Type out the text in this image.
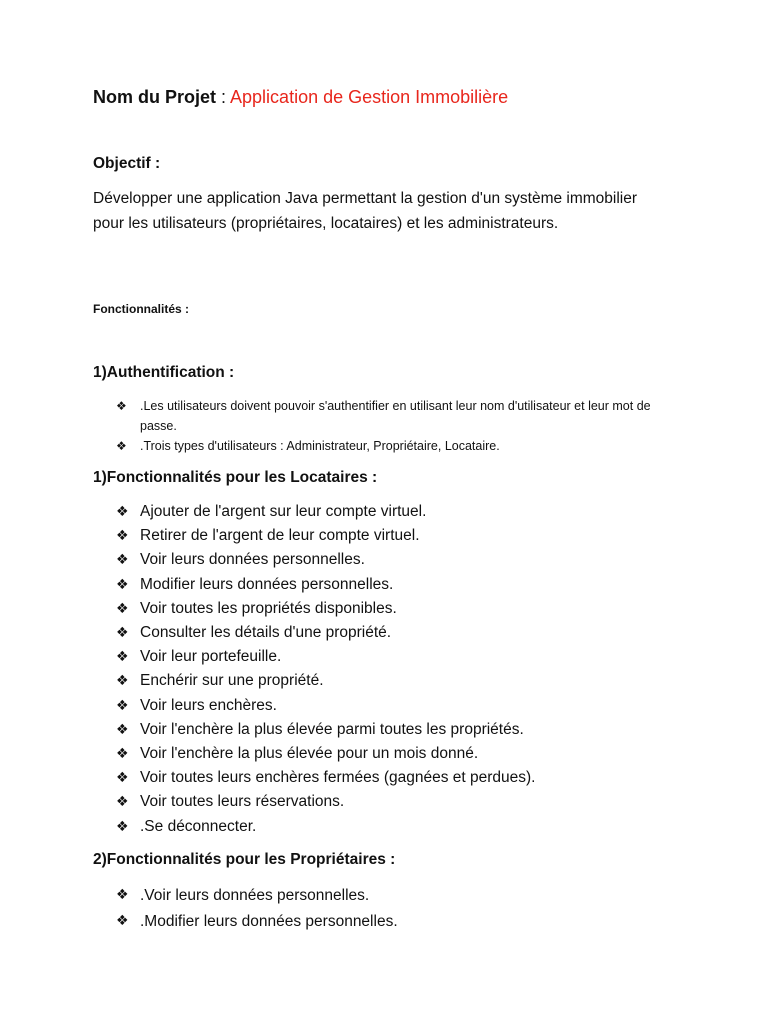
Nom du Projet : Application de Gestion Immobilière
Objectif :
Développer une application Java permettant la gestion d'un système immobilier pour les utilisateurs (propriétaires, locataires) et les administrateurs.
Fonctionnalités :
1)Authentification :
❖ .Les utilisateurs doivent pouvoir s'authentifier en utilisant leur nom d'utilisateur et leur mot de passe.
❖ .Trois types d'utilisateurs : Administrateur, Propriétaire, Locataire.
1)Fonctionnalités pour les Locataires :
❖ Ajouter de l'argent sur leur compte virtuel.
❖ Retirer de l'argent de leur compte virtuel.
❖ Voir leurs données personnelles.
❖ Modifier leurs données personnelles.
❖ Voir toutes les propriétés disponibles.
❖ Consulter les détails d'une propriété.
❖ Voir leur portefeuille.
❖ Enchérir sur une propriété.
❖ Voir leurs enchères.
❖ Voir l'enchère la plus élevée parmi toutes les propriétés.
❖ Voir l'enchère la plus élevée pour un mois donné.
❖ Voir toutes leurs enchères fermées (gagnées et perdues).
❖ Voir toutes leurs réservations.
❖ .Se déconnecter.
2)Fonctionnalités pour les Propriétaires :
❖ .Voir leurs données personnelles.
❖ .Modifier leurs données personnelles.
